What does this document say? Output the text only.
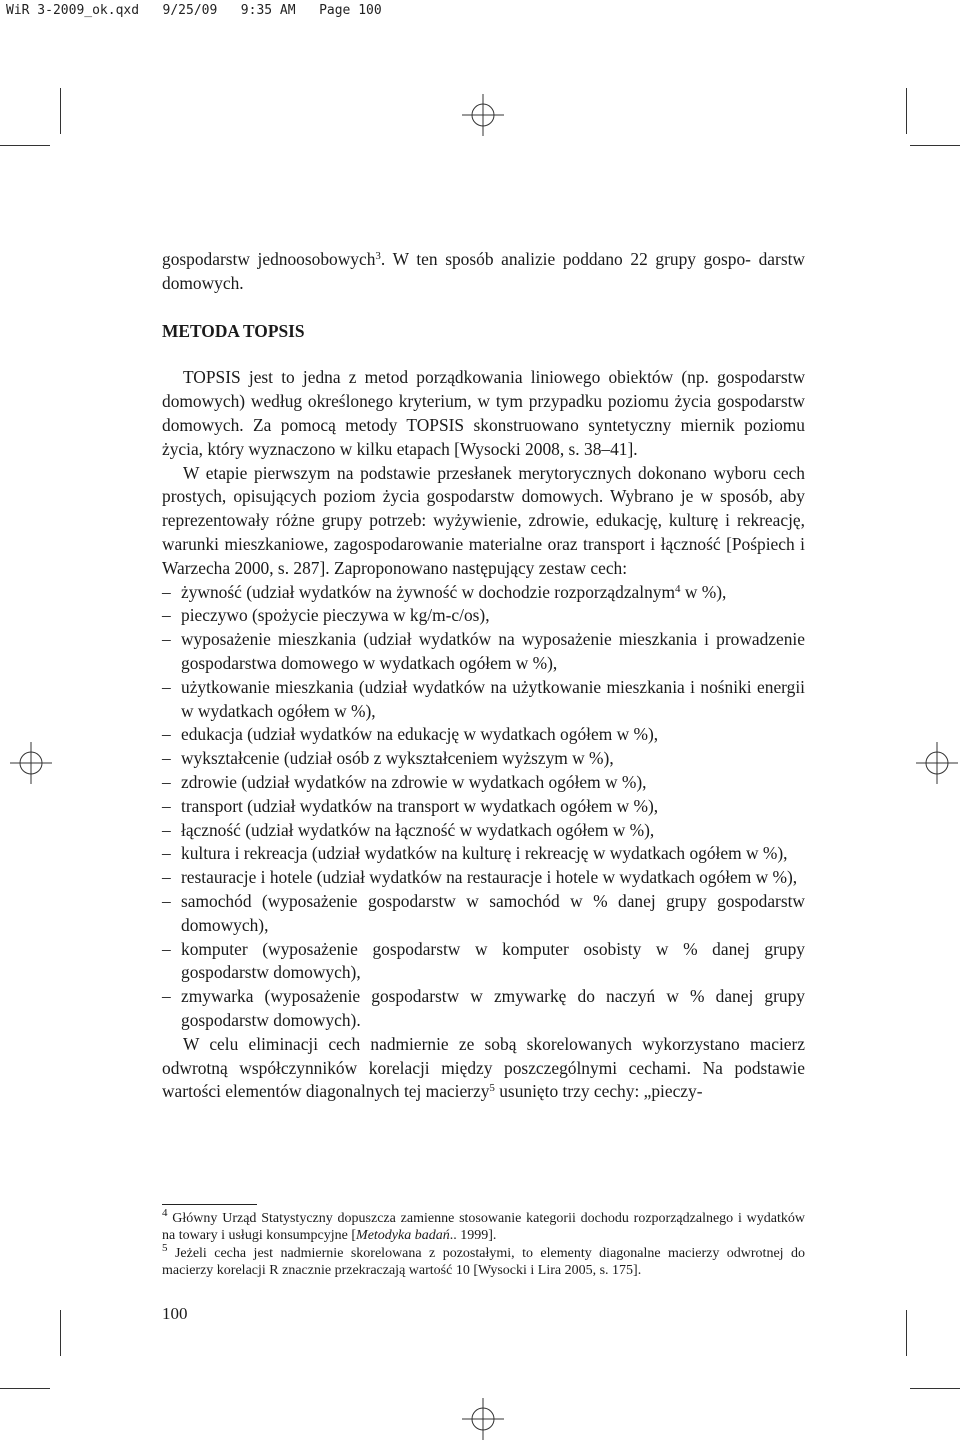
WiR 3-2009_ok.qxd   9/25/09   9:35 AM   Page 100

gospodarstw jednoosobowych$^3$. W ten sposób analizie poddano 22 grupy gospo- darstw domowych.

METODA TOPSIS

TOPSIS jest to jedna z metod porządkowania liniowego obiektów (np. gospodarstw domowych) według określonego kryterium, w tym przypadku poziomu życia gospodarstw domowych. Za pomocą metody TOPSIS skonstruowano syntetyczny miernik poziomu życia, który wyznaczono w kilku etapach [Wysocki 2008, s. 38–41].

W etapie pierwszym na podstawie przesłanek merytorycznych dokonano wyboru cech prostych, opisujących poziom życia gospodarstw domowych. Wybrano je w sposób, aby reprezentowały różne grupy potrzeb: wyżywienie, zdrowie, edukację, kulturę i rekreację, warunki mieszkaniowe, zagospodarowanie materialne oraz transport i łączność [Pośpiech i Warzecha 2000, s. 287]. Zaproponowano następujący zestaw cech:

– żywność (udział wydatków na żywność w dochodzie rozporządzalnym$^4$ w %),
– pieczywo (spożycie pieczywa w kg/m-c/os),
– wyposażenie mieszkania (udział wydatków na wyposażenie mieszkania i prowadzenie gospodarstwa domowego w wydatkach ogółem w %),
– użytkowanie mieszkania (udział wydatków na użytkowanie mieszkania i nośniki energii w wydatkach ogółem w %),
– edukacja (udział wydatków na edukację w wydatkach ogółem w %),
– wykształcenie (udział osób z wykształceniem wyższym w %),
– zdrowie (udział wydatków na zdrowie w wydatkach ogółem w %),
– transport (udział wydatków na transport w wydatkach ogółem w %),
– łączność (udział wydatków na łączność w wydatkach ogółem w %),
– kultura i rekreacja (udział wydatków na kulturę i rekreację w wydatkach ogółem w %),
– restauracje i hotele (udział wydatków na restauracje i hotele w wydatkach ogółem w %),
– samochód (wyposażenie gospodarstw w samochód w % danej grupy gospodarstw domowych),
– komputer (wyposażenie gospodarstw w komputer osobisty w % danej grupy gospodarstw domowych),
– zmywarka (wyposażenie gospodarstw w zmywarkę do naczyń w % danej grupy gospodarstw domowych).

W celu eliminacji cech nadmiernie ze sobą skorelowanych wykorzystano macierz odwrotną współczynników korelacji między poszczególnymi cechami. Na podstawie wartości elementów diagonalnych tej macierzy$^5$ usunięto trzy cechy: „pieczy-

$^4$ Główny Urząd Statystyczny dopuszcza zamienne stosowanie kategorii dochodu rozporządzalnego i wydatków na towary i usługi konsumpcyjne [Metodyka badań.. 1999].

$^5$ Jeżeli cecha jest nadmiernie skorelowana z pozostałymi, to elementy diagonalne macierzy odwrotnej do macierzy korelacji R znacznie przekraczają wartość 10 [Wysocki i Lira 2005, s. 175].

100
